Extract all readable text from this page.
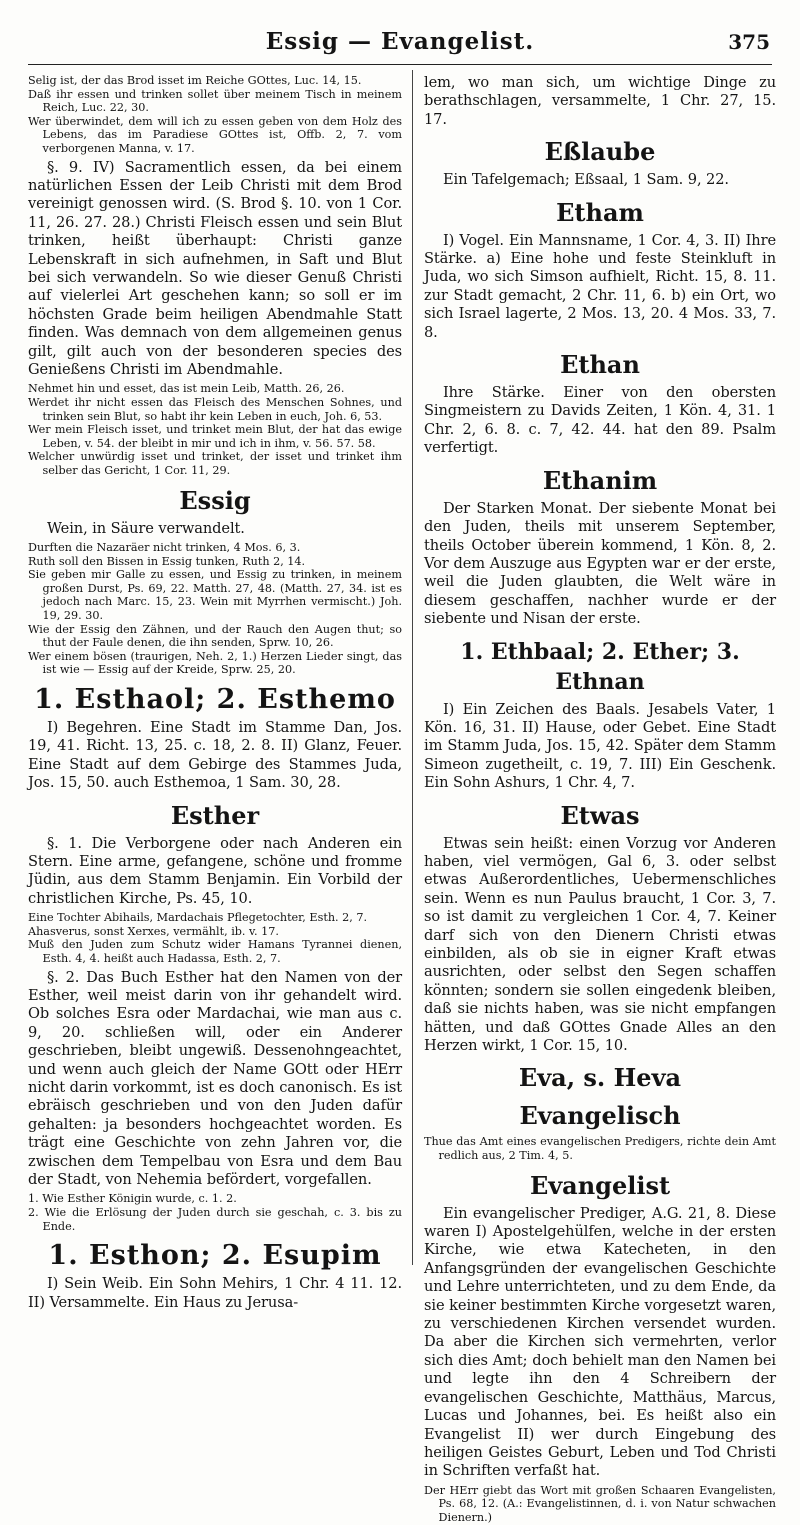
Essig — Evangelist.	375

Selig ist, der das Brod isset im Reiche GOttes, Luc. 14, 15.

Daß ihr essen und trinken sollet über meinem Tisch in meinem Reich, Luc. 22, 30.

Wer überwindet, dem will ich zu essen geben von dem Holz des Lebens, das im Paradiese GOttes ist, Offb. 2, 7. vom verborgenen Manna, v. 17.

§. 9. IV) Sacramentlich essen, da bei einem natürlichen Essen der Leib Christi mit dem Brod vereinigt genossen wird. (S. Brod §. 10. von 1 Cor. 11, 26. 27. 28.) Christi Fleisch essen und sein Blut trinken, heißt überhaupt: Christi ganze Lebenskraft in sich aufnehmen, in Saft und Blut bei sich verwandeln. So wie dieser Genuß Christi auf vielerlei Art geschehen kann; so soll er im höchsten Grade beim heiligen Abendmahle Statt finden. Was demnach von dem allgemeinen genus gilt, gilt auch von der besonderen species des Genießens Christi im Abendmahle.

Nehmet hin und esset, das ist mein Leib, Matth. 26, 26.

Werdet ihr nicht essen das Fleisch des Menschen Sohnes, und trinken sein Blut, so habt ihr kein Leben in euch, Joh. 6, 53.

Wer mein Fleisch isset, und trinket mein Blut, der hat das ewige Leben, v. 54. der bleibt in mir und ich in ihm, v. 56. 57. 58.

Welcher unwürdig isset und trinket, der isset und trinket ihm selber das Gericht, 1 Cor. 11, 29.

Essig

Wein, in Säure verwandelt.

Durften die Nazaräer nicht trinken, 4 Mos. 6, 3.

Ruth soll den Bissen in Essig tunken, Ruth 2, 14.

Sie geben mir Galle zu essen, und Essig zu trinken, in meinem großen Durst, Ps. 69, 22. Matth. 27, 48. (Matth. 27, 34. ist es jedoch nach Marc. 15, 23. Wein mit Myrrhen vermischt.) Joh. 19, 29. 30.

Wie der Essig den Zähnen, und der Rauch den Augen thut; so thut der Faule denen, die ihn senden, Sprw. 10, 26.

Wer einem bösen (traurigen, Neh. 2, 1.) Herzen Lieder singt, das ist wie — Essig auf der Kreide, Sprw. 25, 20.

1. Esthaol; 2. Esthemo

I) Begehren. Eine Stadt im Stamme Dan, Jos. 19, 41. Richt. 13, 25. c. 18, 2. 8. II) Glanz, Feuer. Eine Stadt auf dem Gebirge des Stammes Juda, Jos. 15, 50. auch Esthemoa, 1 Sam. 30, 28.

Esther

§. 1. Die Verborgene oder nach Anderen ein Stern. Eine arme, gefangene, schöne und fromme Jüdin, aus dem Stamm Benjamin. Ein Vorbild der christlichen Kirche, Ps. 45, 10.

Eine Tochter Abihails, Mardachais Pflegetochter, Esth. 2, 7.

Ahasverus, sonst Xerxes, vermählt, ib. v. 17.

Muß den Juden zum Schutz wider Hamans Tyrannei dienen, Esth. 4, 4. heißt auch Hadassa, Esth. 2, 7.

§. 2. Das Buch Esther hat den Namen von der Esther, weil meist darin von ihr gehandelt wird. Ob solches Esra oder Mardachai, wie man aus c. 9, 20. schließen will, oder ein Anderer geschrieben, bleibt ungewiß. Dessenohngeachtet, und wenn auch gleich der Name GOtt oder HErr nicht darin vorkommt, ist es doch canonisch. Es ist ebräisch geschrieben und von den Juden dafür gehalten: ja besonders hochgeachtet worden. Es trägt eine Geschichte von zehn Jahren vor, die zwischen dem Tempelbau von Esra und dem Bau der Stadt, von Nehemia befördert, vorgefallen.

1. Wie Esther Königin wurde, c. 1. 2.

2. Wie die Erlösung der Juden durch sie geschah, c. 3. bis zu Ende.

1. Esthon; 2. Esupim

I) Sein Weib. Ein Sohn Mehirs, 1 Chr. 4 11. 12. II) Versammelte. Ein Haus zu Jerusa-

lem, wo man sich, um wichtige Dinge zu berathschlagen, versammelte, 1 Chr. 27, 15. 17.

Eßlaube

Ein Tafelgemach; Eßsaal, 1 Sam. 9, 22.

Etham

I) Vogel. Ein Mannsname, 1 Cor. 4, 3. II) Ihre Stärke. a) Eine hohe und feste Steinkluft in Juda, wo sich Simson aufhielt, Richt. 15, 8. 11. zur Stadt gemacht, 2 Chr. 11, 6. b) ein Ort, wo sich Israel lagerte, 2 Mos. 13, 20. 4 Mos. 33, 7. 8.

Ethan

Ihre Stärke. Einer von den obersten Singmeistern zu Davids Zeiten, 1 Kön. 4, 31. 1 Chr. 2, 6. 8. c. 7, 42. 44. hat den 89. Psalm verfertigt.

Ethanim

Der Starken Monat. Der siebente Monat bei den Juden, theils mit unserem September, theils October überein kommend, 1 Kön. 8, 2. Vor dem Auszuge aus Egypten war er der erste, weil die Juden glaubten, die Welt wäre in diesem geschaffen, nachher wurde er der siebente und Nisan der erste.

1. Ethbaal; 2. Ether; 3. Ethnan

I) Ein Zeichen des Baals. Jesabels Vater, 1 Kön. 16, 31. II) Hause, oder Gebet. Eine Stadt im Stamm Juda, Jos. 15, 42. Später dem Stamm Simeon zugetheilt, c. 19, 7. III) Ein Geschenk. Ein Sohn Ashurs, 1 Chr. 4, 7.

Etwas

Etwas sein heißt: einen Vorzug vor Anderen haben, viel vermögen, Gal 6, 3. oder selbst etwas Außerordentliches, Uebermenschliches sein. Wenn es nun Paulus braucht, 1 Cor. 3, 7. so ist damit zu vergleichen 1 Cor. 4, 7. Keiner darf sich von den Dienern Christi etwas einbilden, als ob sie in eigner Kraft etwas ausrichten, oder selbst den Segen schaffen könnten; sondern sie sollen eingedenk bleiben, daß sie nichts haben, was sie nicht empfangen hätten, und daß GOttes Gnade Alles an den Herzen wirkt, 1 Cor. 15, 10.

Eva, s. Heva
Evangelisch

Thue das Amt eines evangelischen Predigers, richte dein Amt redlich aus, 2 Tim. 4, 5.

Evangelist

Ein evangelischer Prediger, A.G. 21, 8. Diese waren I) Apostelgehülfen, welche in der ersten Kirche, wie etwa Katecheten, in den Anfangsgründen der evangelischen Geschichte und Lehre unterrichteten, und zu dem Ende, da sie keiner bestimmten Kirche vorgesetzt waren, zu verschiedenen Kirchen versendet wurden. Da aber die Kirchen sich vermehrten, verlor sich dies Amt; doch behielt man den Namen bei und legte ihn den 4 Schreibern der evangelischen Geschichte, Matthäus, Marcus, Lucas und Johannes, bei. Es heißt also ein Evangelist II) wer durch Eingebung des heiligen Geistes Geburt, Leben und Tod Christi in Schriften verfaßt hat.

Der HErr giebt das Wort mit großen Schaaren Evangelisten, Ps. 68, 12. (A.: Evangelistinnen, d. i. von Natur schwachen Dienern.)
